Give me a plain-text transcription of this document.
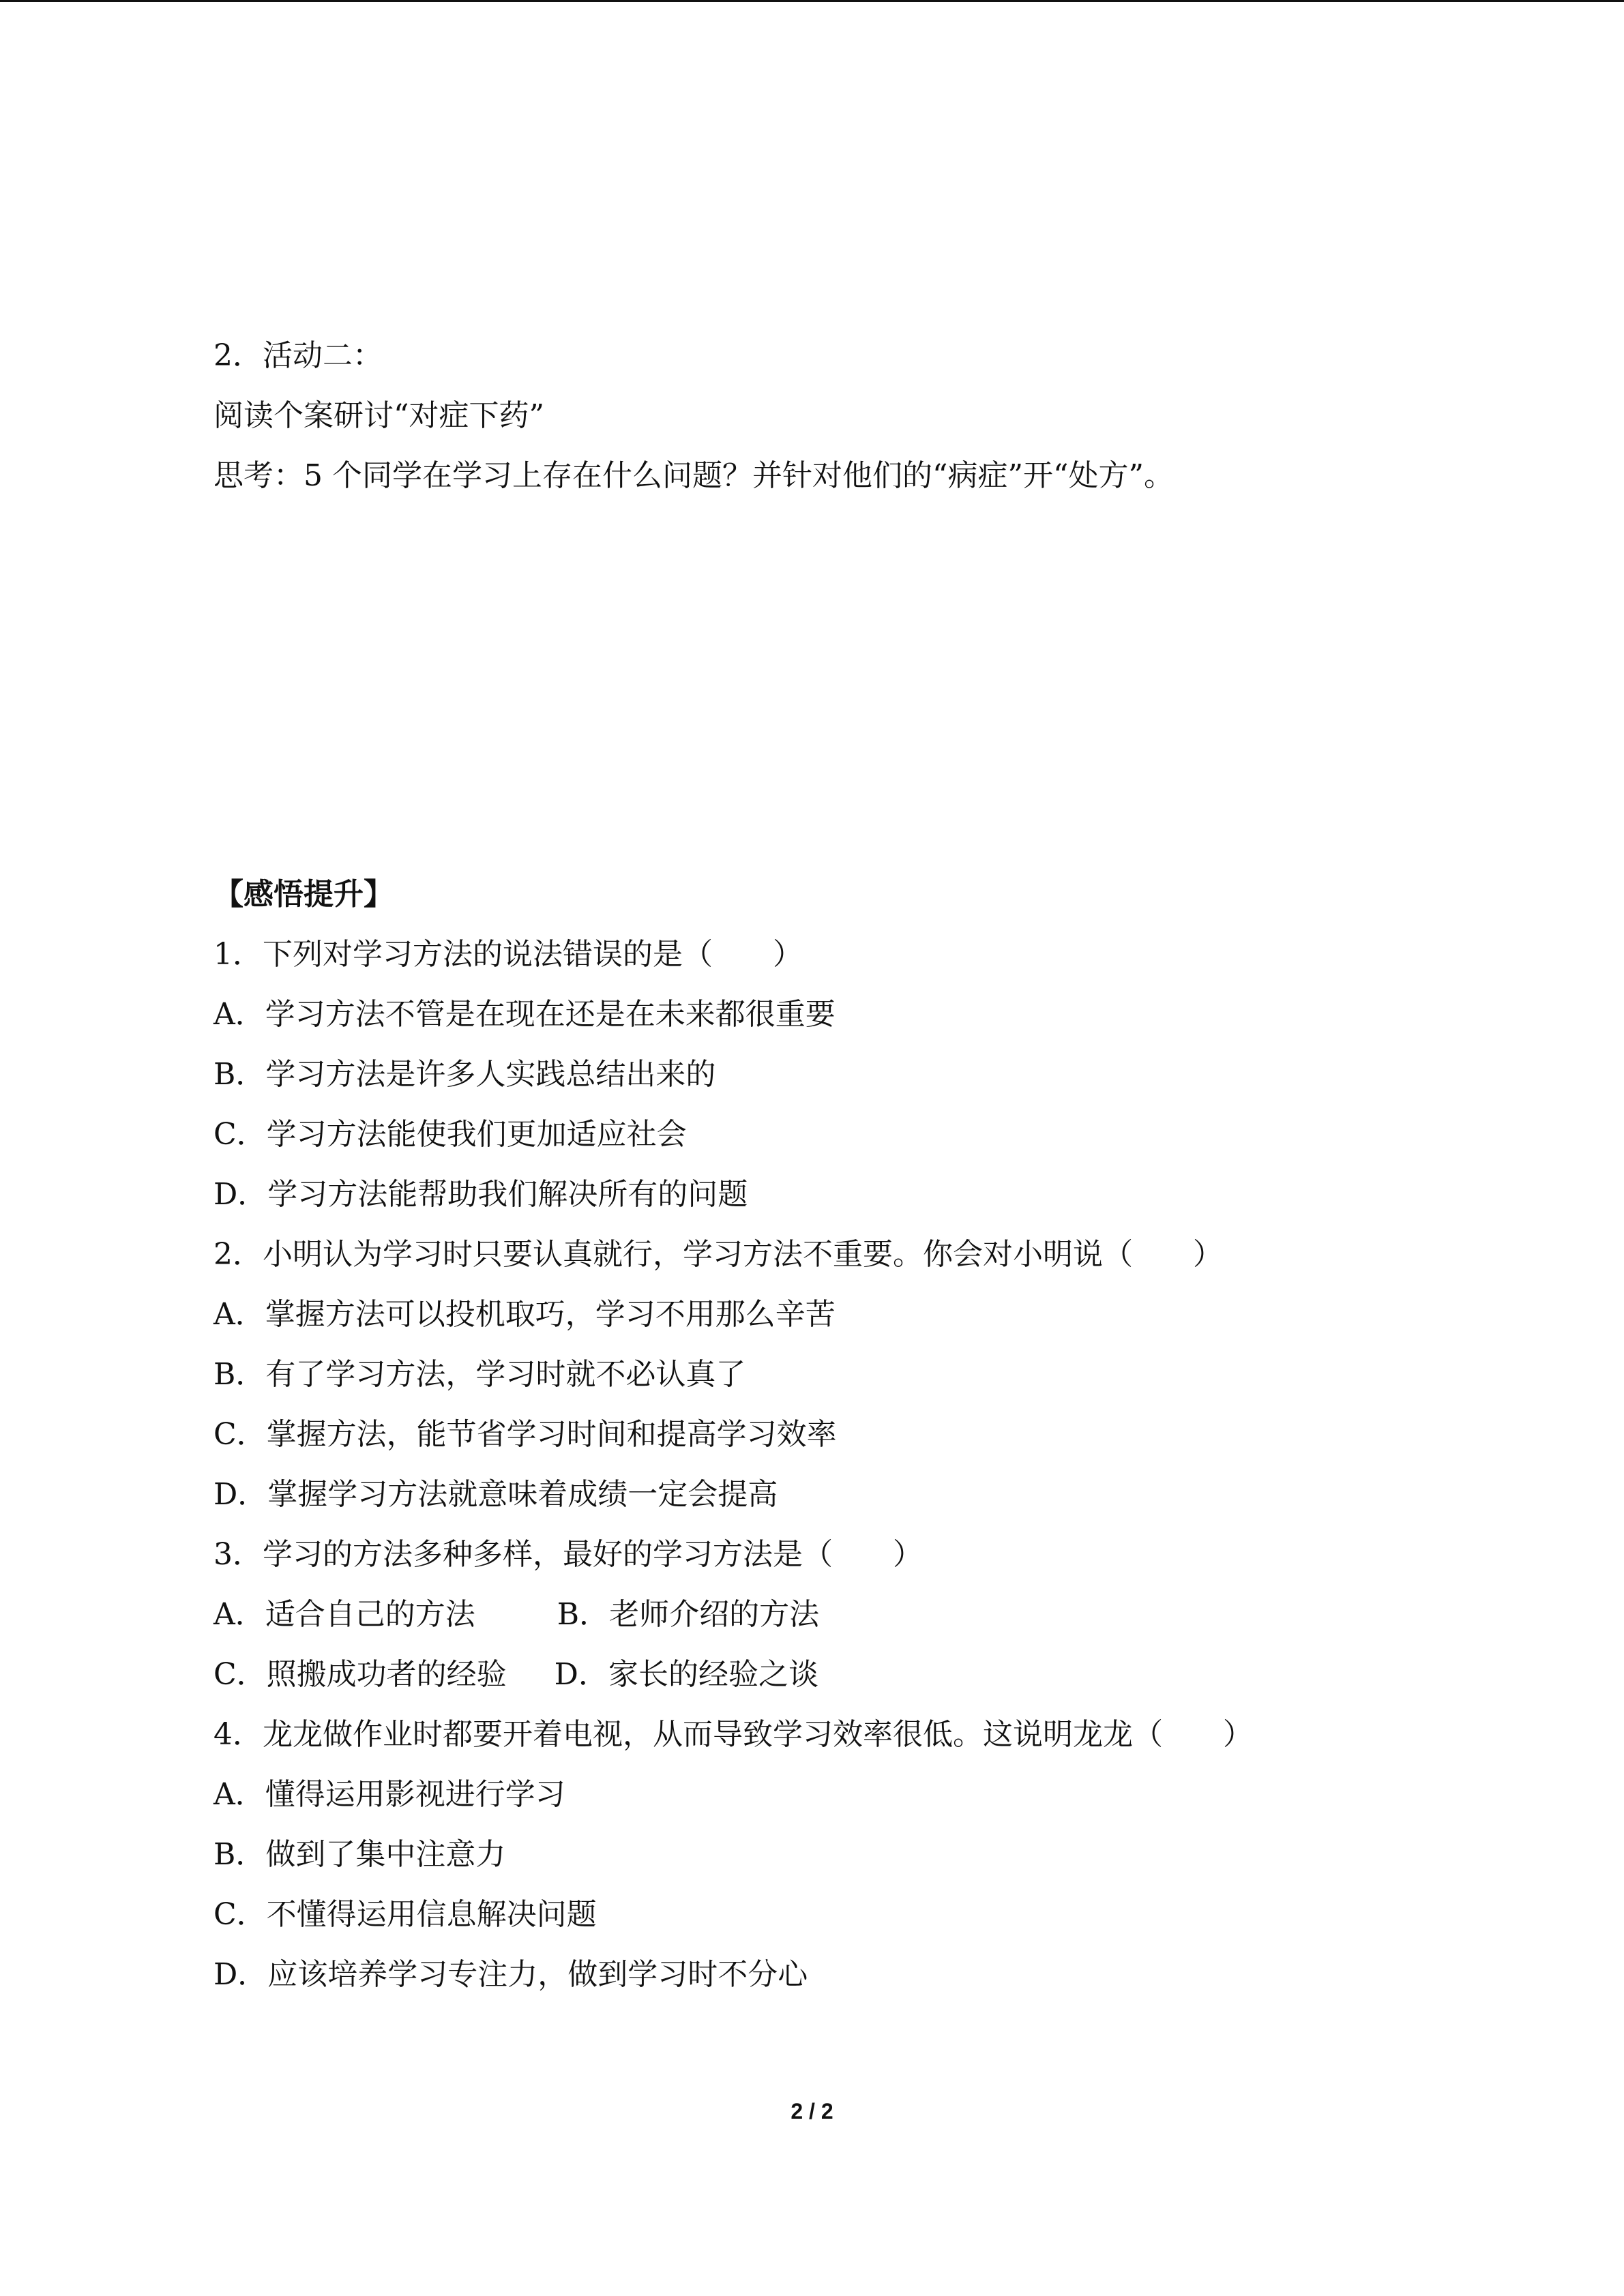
2．活动二：
阅读个案研讨“对症下药”
思考：5 个同学在学习上存在什么问题？并针对他们的“病症”开“处方”。
【感悟提升】
1．下列对学习方法的说法错误的是（　　）
A．学习方法不管是在现在还是在未来都很重要
B．学习方法是许多人实践总结出来的
C．学习方法能使我们更加适应社会
D．学习方法能帮助我们解决所有的问题
2．小明认为学习时只要认真就行，学习方法不重要。你会对小明说（　　）
A．掌握方法可以投机取巧，学习不用那么辛苦
B．有了学习方法，学习时就不必认真了
C．掌握方法，能节省学习时间和提高学习效率
D．掌握学习方法就意味着成绩一定会提高
3．学习的方法多种多样，最好的学习方法是（　　）
A．适合自己的方法	B．老师介绍的方法
C．照搬成功者的经验 D．家长的经验之谈
4．龙龙做作业时都要开着电视，从而导致学习效率很低。这说明龙龙（　　）
A．懂得运用影视进行学习
B．做到了集中注意力
C．不懂得运用信息解决问题
D．应该培养学习专注力，做到学习时不分心
2 / 2
